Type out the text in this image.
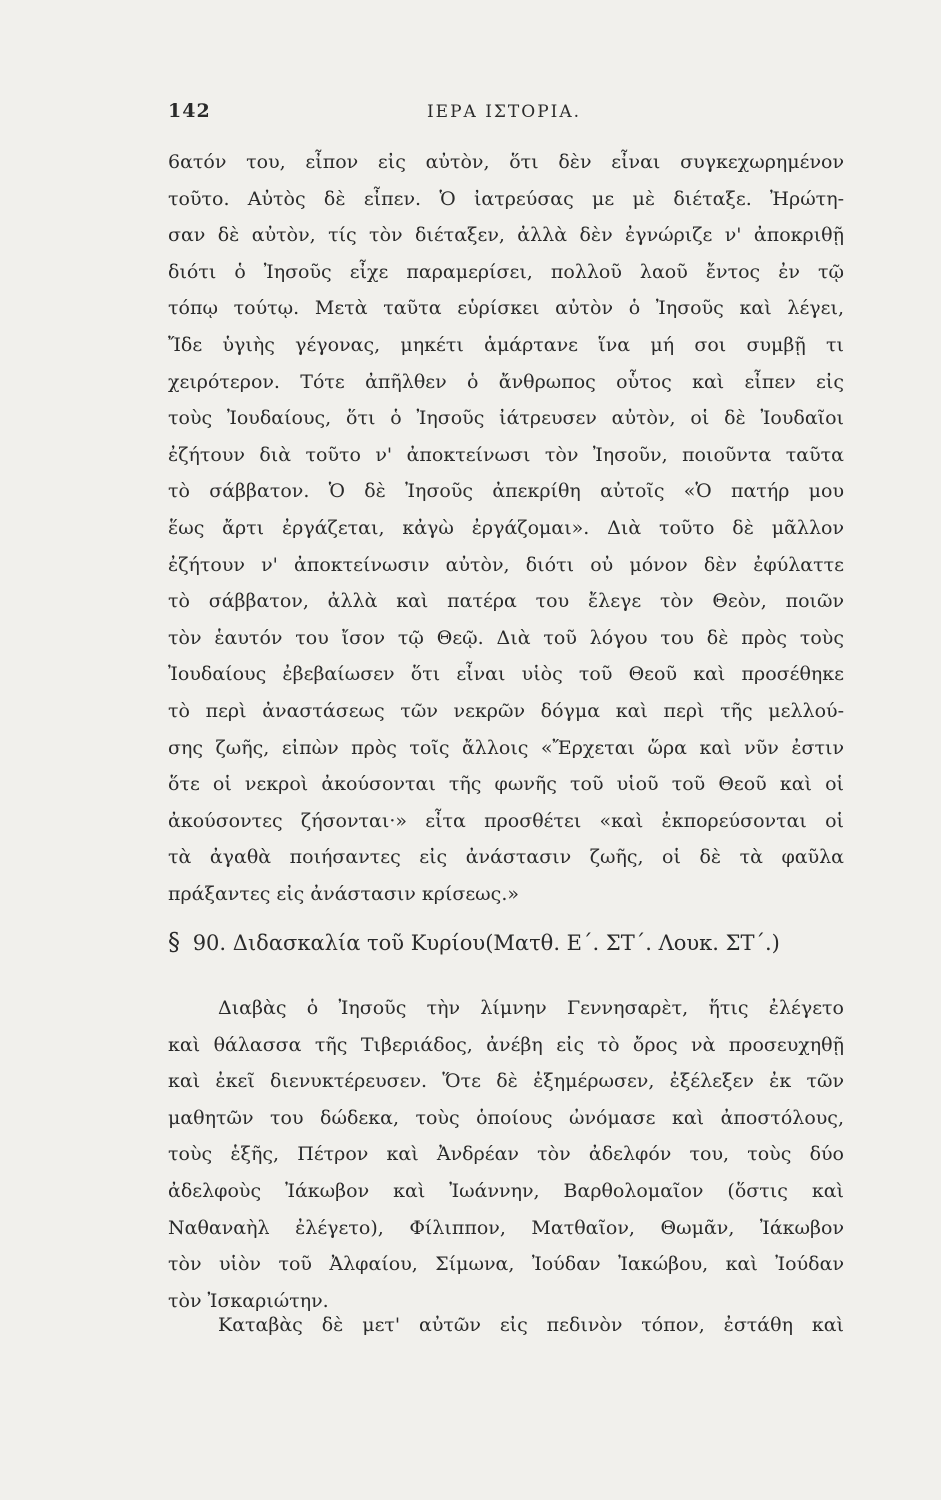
142	ΙΕΡΑ ΙΣΤΟΡΙΑ.
6ατόν του, εἶπον εἰς αὐτὸν, ὅτι δὲν εἶναι συγκεχωρημένον
τοῦτο. Αὐτὸς δὲ εἶπεν. Ὁ ἰατρεύσας με μὲ διέταξε. Ἠρώτη-
σαν δὲ αὐτὸν, τίς τὸν διέταξεν, ἀλλὰ δὲν ἐγνώριζε ν' ἀποκριθῇ
διότι ὁ Ἰησοῦς εἶχε παραμερίσει, πολλοῦ λαοῦ ἔντος ἐν τῷ
τόπῳ τούτῳ. Μετὰ ταῦτα εὑρίσκει αὐτὸν ὁ Ἰησοῦς καὶ λέγει,
Ἴδε ὑγιὴς γέγονας, μηκέτι ἁμάρτανε ἵνα μή σοι συμβῇ τι
χειρότερον. Τότε ἀπῆλθεν ὁ ἄνθρωπος οὗτος καὶ εἶπεν εἰς
τοὺς Ἰουδαίους, ὅτι ὁ Ἰησοῦς ἰάτρευσεν αὐτὸν, οἱ δὲ Ἰουδαῖοι
ἐζήτουν διὰ τοῦτο ν' ἀποκτείνωσι τὸν Ἰησοῦν, ποιοῦντα ταῦτα
τὸ σάββατον. Ὁ δὲ Ἰησοῦς ἀπεκρίθη αὐτοῖς «Ὁ πατήρ μου
ἕως ἄρτι ἐργάζεται, κἀγὼ ἐργάζομαι». Διὰ τοῦτο δὲ μᾶλλον
ἐζήτουν ν' ἀποκτείνωσιν αὐτὸν, διότι οὐ μόνον δὲν ἐφύλαττε
τὸ σάββατον, ἀλλὰ καὶ πατέρα του ἔλεγε τὸν Θεὸν, ποιῶν
τὸν ἑαυτόν του ἴσον τῷ Θεῷ. Διὰ τοῦ λόγου του δὲ πρὸς τοὺς
Ἰουδαίους ἐβεβαίωσεν ὅτι εἶναι υἱὸς τοῦ Θεοῦ καὶ προσέθηκε
τὸ περὶ ἀναστάσεως τῶν νεκρῶν δόγμα καὶ περὶ τῆς μελλού-
σης ζωῆς, εἰπὼν πρὸς τοῖς ἄλλοις «Ἔρχεται ὥρα καὶ νῦν ἐστιν
ὅτε οἱ νεκροὶ ἀκούσονται τῆς φωνῆς τοῦ υἱοῦ τοῦ Θεοῦ καὶ οἱ
ἀκούσοντες ζήσονται·» εἶτα προσθέτει «καὶ ἐκπορεύσονται οἱ
τὰ ἀγαθὰ ποιήσαντες εἰς ἀνάστασιν ζωῆς, οἱ δὲ τὰ φαῦλα
πράξαντες εἰς ἀνάστασιν κρίσεως.»
§ 90. Διδασκαλία τοῦ Κυρίου(Ματθ. Ε΄. ΣΤ΄. Λουκ. ΣΤ΄.)
Διαβὰς ὁ Ἰησοῦς τὴν λίμνην Γεννησαρὲτ, ἥτις ἐλέγετο
καὶ θάλασσα τῆς Τιβεριάδος, ἀνέβη εἰς τὸ ὄρος νὰ προσευχηθῇ
καὶ ἐκεῖ διενυκτέρευσεν. Ὅτε δὲ ἐξημέρωσεν, ἐξέλεξεν ἐκ τῶν
μαθητῶν του δώδεκα, τοὺς ὁποίους ὠνόμασε καὶ ἀποστόλους,
τοὺς ἑξῆς, Πέτρον καὶ Ἀνδρέαν τὸν ἀδελφόν του, τοὺς δύο
ἀδελφοὺς Ἰάκωβον καὶ Ἰωάννην, Βαρθολομαῖον (ὅστις καὶ
Ναθαναὴλ ἐλέγετο), Φίλιππον, Ματθαῖον, Θωμᾶν, Ἰάκωβον
τὸν υἱὸν τοῦ Ἀλφαίου, Σίμωνα, Ἰούδαν Ἰακώβου, καὶ Ἰούδαν
τὸν Ἰσκαριώτην.
Καταβὰς δὲ μετ' αὐτῶν εἰς πεδινὸν τόπον, ἐστάθη καὶ
